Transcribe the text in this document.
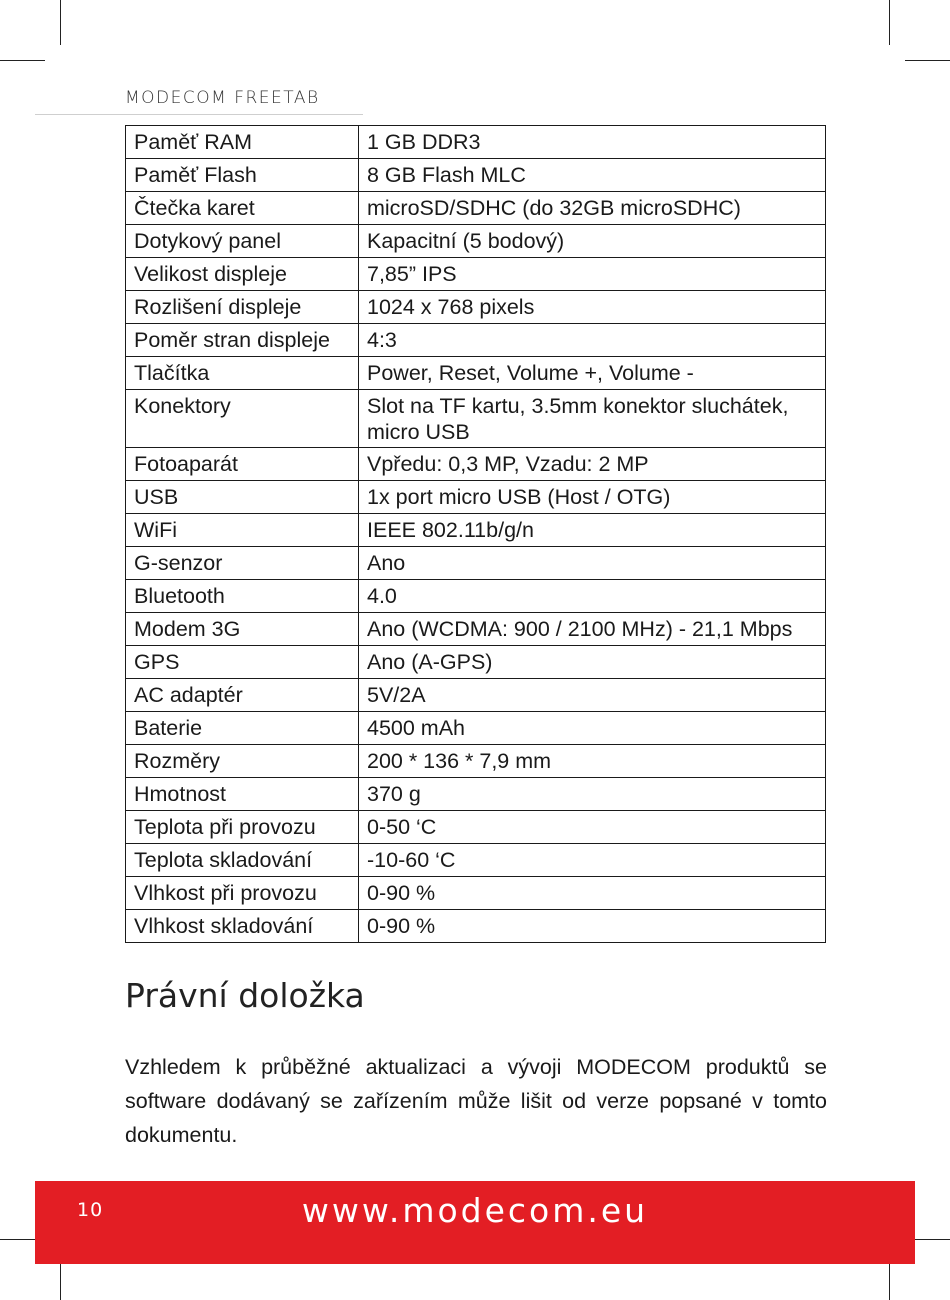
MODECOM FREETAB
Paměť RAM	1 GB DDR3
Paměť Flash	8 GB Flash MLC
Čtečka karet	microSD/SDHC (do 32GB microSDHC)
Dotykový panel	Kapacitní (5 bodový)
Velikost displeje	7,85” IPS
Rozlišení displeje	1024 x 768 pixels
Poměr stran displeje	4:3
Tlačítka	Power, Reset, Volume +, Volume -
Konektory	Slot na TF kartu, 3.5mm konektor sluchátek, micro USB
Fotoaparát	Vpředu: 0,3 MP, Vzadu: 2 MP
USB	1x port micro USB (Host / OTG)
WiFi	IEEE 802.11b/g/n
G-senzor	Ano
Bluetooth	4.0
Modem 3G	Ano (WCDMA: 900 / 2100 MHz) - 21,1 Mbps
GPS	Ano (A-GPS)
AC adaptér	5V/2A
Baterie	4500 mAh
Rozměry	200 * 136 * 7,9 mm
Hmotnost	370 g
Teplota při provozu	0-50 ‘C
Teplota skladování	-10-60 ‘C
Vlhkost při provozu	0-90 %
Vlhkost skladování	0-90 %
Právní doložka
Vzhledem k průběžné aktualizaci a vývoji MODECOM produktů se software dodávaný se zařízením může lišit od verze popsané v tomto dokumentu.
10	www.modecom.eu
